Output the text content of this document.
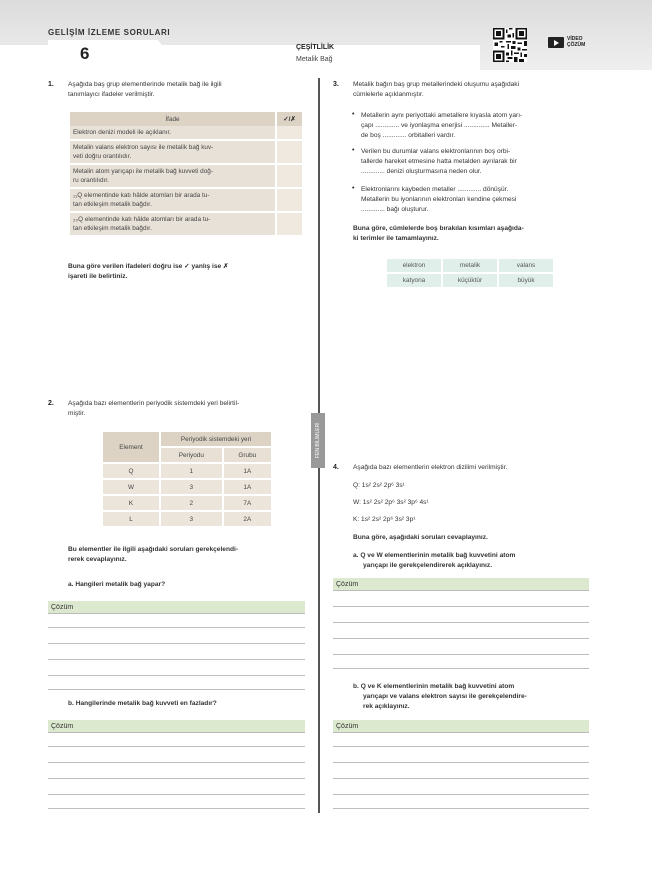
GELİŞİM İZLEME SORULARI
6	ÇEŞİTLİLİK
Metalik Bağ
VİDEO
ÇÖZÜM
FEN BİLİMLERİ
1. Aşağıda baş grup elementlerinde metalik bağ ile ilgili
tanımlayıcı ifadeler verilmiştir.
İfade	✓/✗

Elektron denizi modeli ile açıklanır.	

Metalin valans elektron sayısı ile metalik bağ kuv-
veti doğru orantılıdır.	

Metalin atom yarıçapı ile metalik bağ kuvveti doğ-
ru orantılıdır.	

₁₁Q elementinde katı hâlde atomları bir arada tu-
tan etkileşim metalik bağdır.	

₂₀Q elementinde katı hâlde atomları bir arada tu-
tan etkileşim metalik bağdır.	

Buna göre verilen ifadeleri doğru ise ✓ yanlış ise ✗
işareti ile belirtiniz.
2. Aşağıda bazı elementlerin periyodik sistemdeki yeri belirtil-
miştir.
Element	Periyodik sistemdeki yeri	
	Periyodu	Grubu
Q	1	1A
W	3	1A
K	2	7A
L	3	2A
Bu elementler ile ilgili aşağıdaki soruları gerekçelendi-
rerek cevaplayınız.
a. Hangileri metalik bağ yapar?
Çözüm
b. Hangilerinde metalik bağ kuvveti en fazladır?
Çözüm
3. Metalik bağın baş grup metallerindeki oluşumu aşağıdaki
cümlelerle açıklanmıştır.
• Metallerin aynı periyottaki ametallere kıyasla atom yarı-
çapı ............. ve iyonlaşma enerjisi .............. Metaller-
de boş ............. orbitalleri vardır.
• Verilen bu durumlar valans elektronlarının boş orbi-
tallerde hareket etmesine hatta metalden ayrılarak bir
............. denizi oluşturmasına neden olur.
• Elektronlarını kaybeden metaller ............. dönüşür.
Metallerin bu iyonlarının elektronları kendine çekmesi
............. bağı oluşturur.
Buna göre, cümlelerde boş bırakılan kısımları aşağıda-
ki terimler ile tamamlayınız.
elektron	metalik	valans
katyona	küçüktür	büyük
4. Aşağıda bazı elementlerin elektron dizilimi verilmiştir.
Q: 1s² 2s² 2p⁶ 3s¹
W: 1s² 2s² 2p⁶ 3s² 3p⁶ 4s¹
K: 1s² 2s² 2p⁶ 3s² 3p¹
Buna göre, aşağıdaki soruları cevaplayınız.
a. Q ve W elementlerinin metalik bağ kuvvetini atom
yarıçapı ile gerekçelendirerek açıklayınız.
Çözüm
b. Q ve K elementlerinin metalik bağ kuvvetini atom
yarıçapı ve valans elektron sayısı ile gerekçelendire-
rek açıklayınız.
Çözüm
